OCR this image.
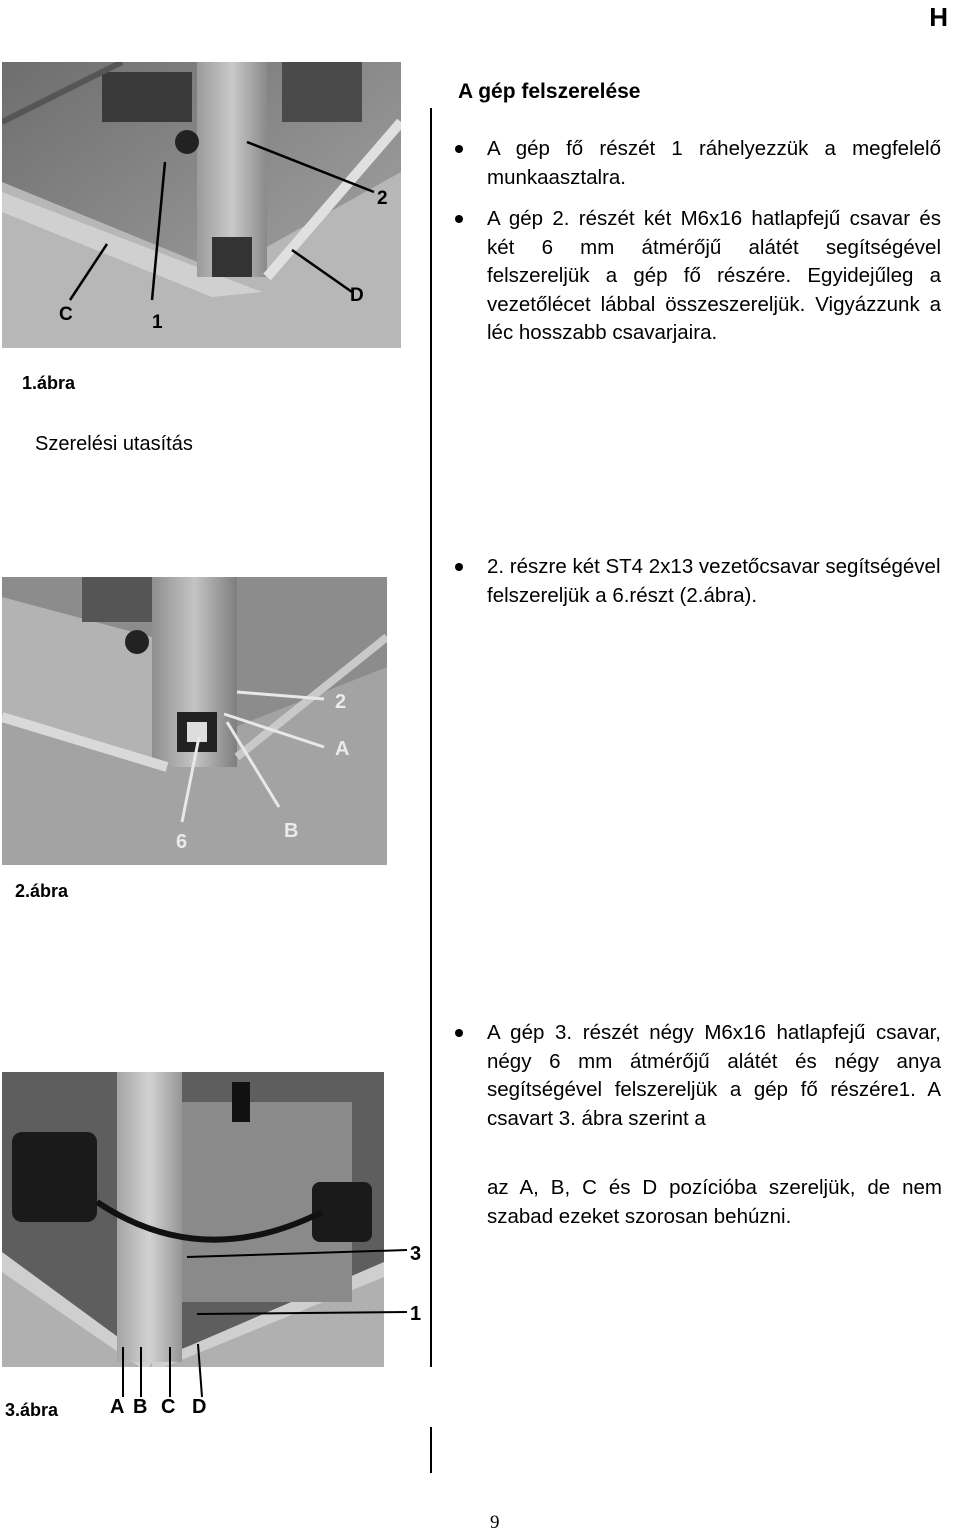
H
C	1
2
D
1.ábra
A gép felszerelése
A gép fő részét 1 ráhelyezzük a megfelelő munkaasztalra.
A gép 2. részét két M6x16 hatlapfejű csavar és két 6 mm átmérőjű alátét segítségével felszereljük a gép fő részére. Egyidejűleg a vezetőlécet lábbal összeszereljük. Vigyázzunk a léc hosszabb csavarjaira.
Szerelési utasítás
2
A
6	B
2.ábra
2. részre két ST4 2x13 vezetőcsavar segítségével felszereljük a 6.részt (2.ábra).
3
1
A B C D
3.ábra
A gép 3. részét négy M6x16 hatlapfejű csavar, négy 6 mm átmérőjű alátét és négy anya segítségével felszereljük a gép fő részére1. A csavart 3. ábra szerint a
az A, B, C és D pozícióba szereljük, de nem szabad ezeket szorosan behúzni.
9
